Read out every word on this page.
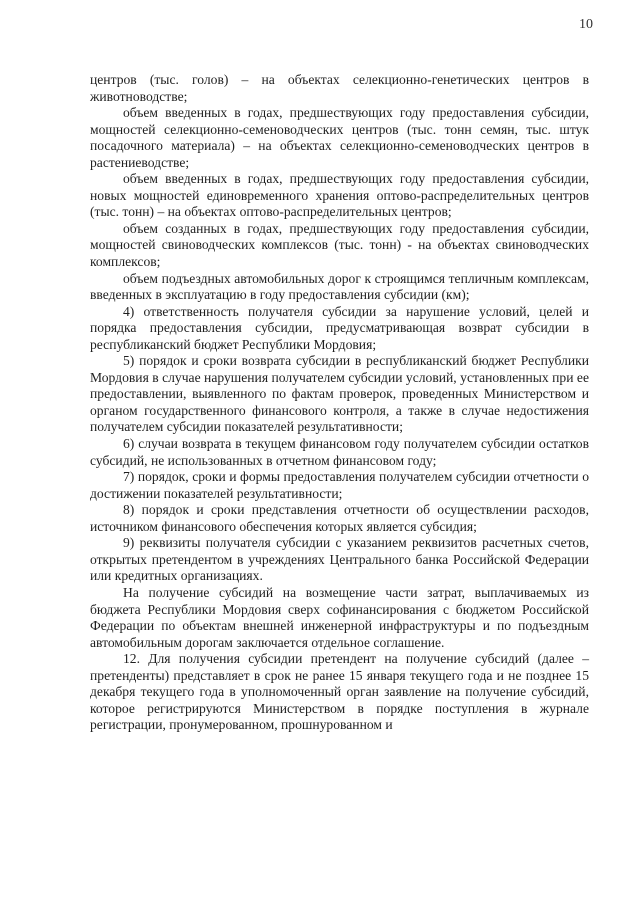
10

центров (тыс. голов) – на объектах селекционно-генетических центров в животноводстве;

объем введенных в годах, предшествующих году предоставления субсидии, мощностей селекционно-семеноводческих центров (тыс. тонн семян, тыс. штук посадочного материала) – на объектах селекционно-семеноводческих центров в растениеводстве;

объем введенных в годах, предшествующих году предоставления субсидии, новых мощностей единовременного хранения оптово-распределительных центров (тыс. тонн) – на объектах оптово-распределительных центров;

объем созданных в годах, предшествующих году предоставления субсидии, мощностей свиноводческих комплексов (тыс. тонн) - на объектах свиноводческих комплексов;

объем подъездных автомобильных дорог к строящимся тепличным комплексам, введенных в эксплуатацию в году предоставления субсидии (км);

4) ответственность получателя субсидии за нарушение условий, целей и порядка предоставления субсидии, предусматривающая возврат субсидии в республиканский бюджет Республики Мордовия;

5) порядок и сроки возврата субсидии в республиканский бюджет Республики Мордовия в случае нарушения получателем субсидии условий, установленных при ее предоставлении, выявленного по фактам проверок, проведенных Министерством и органом государственного финансового контроля, а также в случае недостижения получателем субсидии показателей результативности;

6) случаи возврата в текущем финансовом году получателем субсидии остатков субсидий, не использованных в отчетном финансовом году;

7) порядок, сроки и формы предоставления получателем субсидии отчетности о достижении показателей результативности;

8) порядок и сроки представления отчетности об осуществлении расходов, источником финансового обеспечения которых является субсидия;

9) реквизиты получателя субсидии с указанием реквизитов расчетных счетов, открытых претендентом в учреждениях Центрального банка Российской Федерации или кредитных организациях.

На получение субсидий на возмещение части затрат, выплачиваемых из бюджета Республики Мордовия сверх софинансирования с бюджетом Российской Федерации по объектам внешней инженерной инфраструктуры и по подъездным автомобильным дорогам заключается отдельное соглашение.

12. Для получения субсидии претендент на получение субсидий (далее – претенденты) представляет в срок не ранее 15 января текущего года и не позднее 15 декабря текущего года в уполномоченный орган заявление на получение субсидий, которое регистрируются Министерством в порядке поступления в журнале регистрации, пронумерованном, прошнурованном и
